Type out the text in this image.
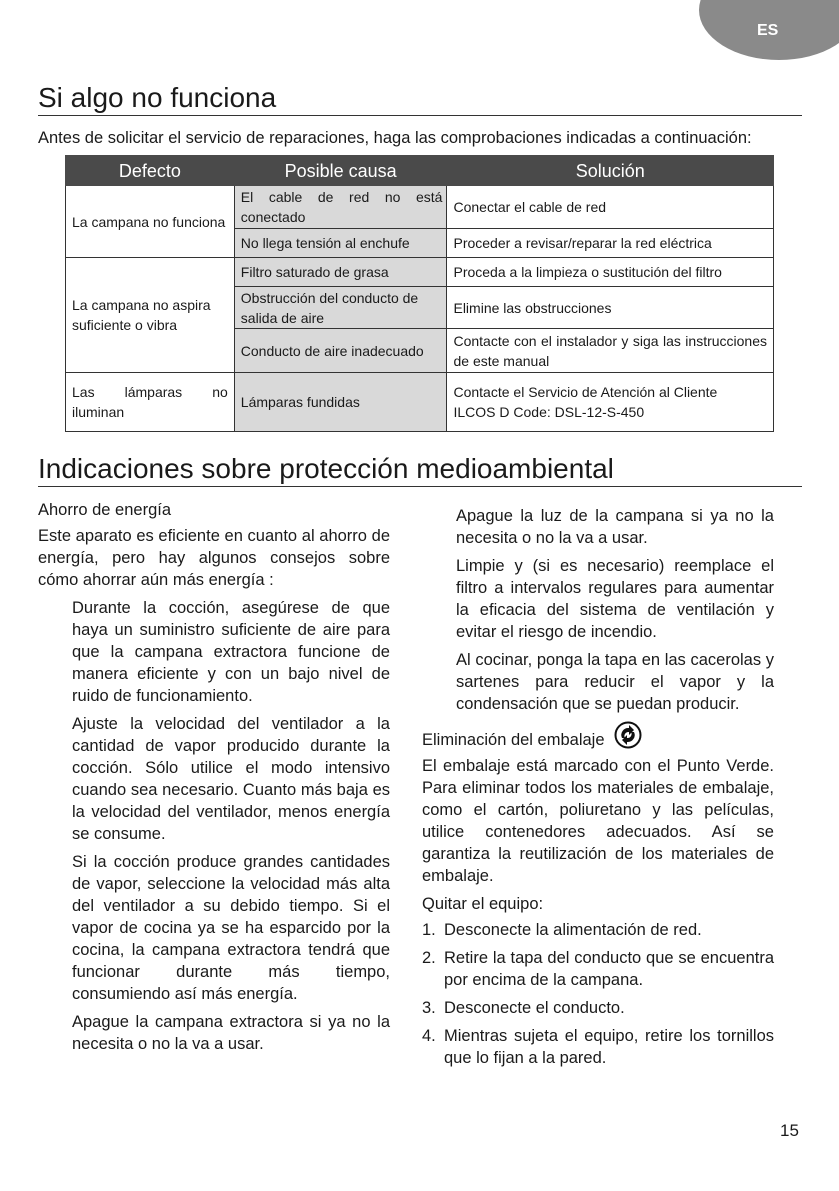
ES
Si algo no funciona

Antes de solicitar el servicio de reparaciones, haga las comprobaciones indicadas a continuación:

Defecto	Posible causa	Solución
La campana no funciona	El cable de red no está conectado	Conectar el cable de red
	No llega tensión al enchufe	Proceder a revisar/reparar la red eléctrica
La campana no aspira suficiente o vibra	Filtro saturado de grasa	Proceda a la limpieza o sustitución del filtro
	Obstrucción del conducto de salida de aire	Elimine las obstrucciones
	Conducto de aire inadecuado	Contacte con el instalador y siga las instrucciones de este manual
Las lámparas no iluminan	Lámparas fundidas	Contacte el Servicio de Atención al Cliente
ILCOS D Code: DSL-12-S-450
Indicaciones sobre protección medioambiental
Ahorro de energía

Este aparato es eficiente en cuanto al ahorro de energía, pero hay algunos consejos sobre cómo ahorrar aún más energía :

Durante la cocción, asegúrese de que haya un suministro suficiente de aire para que la campana extractora funcione de manera eficiente y con un bajo nivel de ruido de funcionamiento.

Ajuste la velocidad del ventilador a la cantidad de vapor producido durante la cocción. Sólo utilice el modo intensivo cuando sea necesario. Cuanto más baja es la velocidad del ventilador, menos energía se consume.

Si la cocción produce grandes cantidades de vapor, seleccione la velocidad más alta del ventilador a su debido tiempo. Si el vapor de cocina ya se ha esparcido por la cocina, la campana extractora tendrá que funcionar durante más tiempo, consumiendo así más energía.

Apague la campana extractora si ya no la necesita o no la va a usar.

Apague la luz de la campana si ya no la necesita o no la va a usar.

Limpie y (si es necesario) reemplace el filtro a intervalos regulares para aumentar la eficacia del sistema de ventilación y evitar el riesgo de incendio.

Al cocinar, ponga la tapa en las cacerolas y sartenes para reducir el vapor y la condensación que se puedan producir.

Eliminación del embalaje

El embalaje está marcado con el Punto Verde. Para eliminar todos los materiales de embalaje, como el cartón, poliuretano y las películas, utilice contenedores adecuados. Así se garantiza la reutilización de los materiales de embalaje.

Quitar el equipo:
1. Desconecte la alimentación de red.
2. Retire la tapa del conducto que se encuentra por encima de la campana.
3. Desconecte el conducto.
4. Mientras sujeta el equipo, retire los tornillos que lo fijan a la pared.
15
